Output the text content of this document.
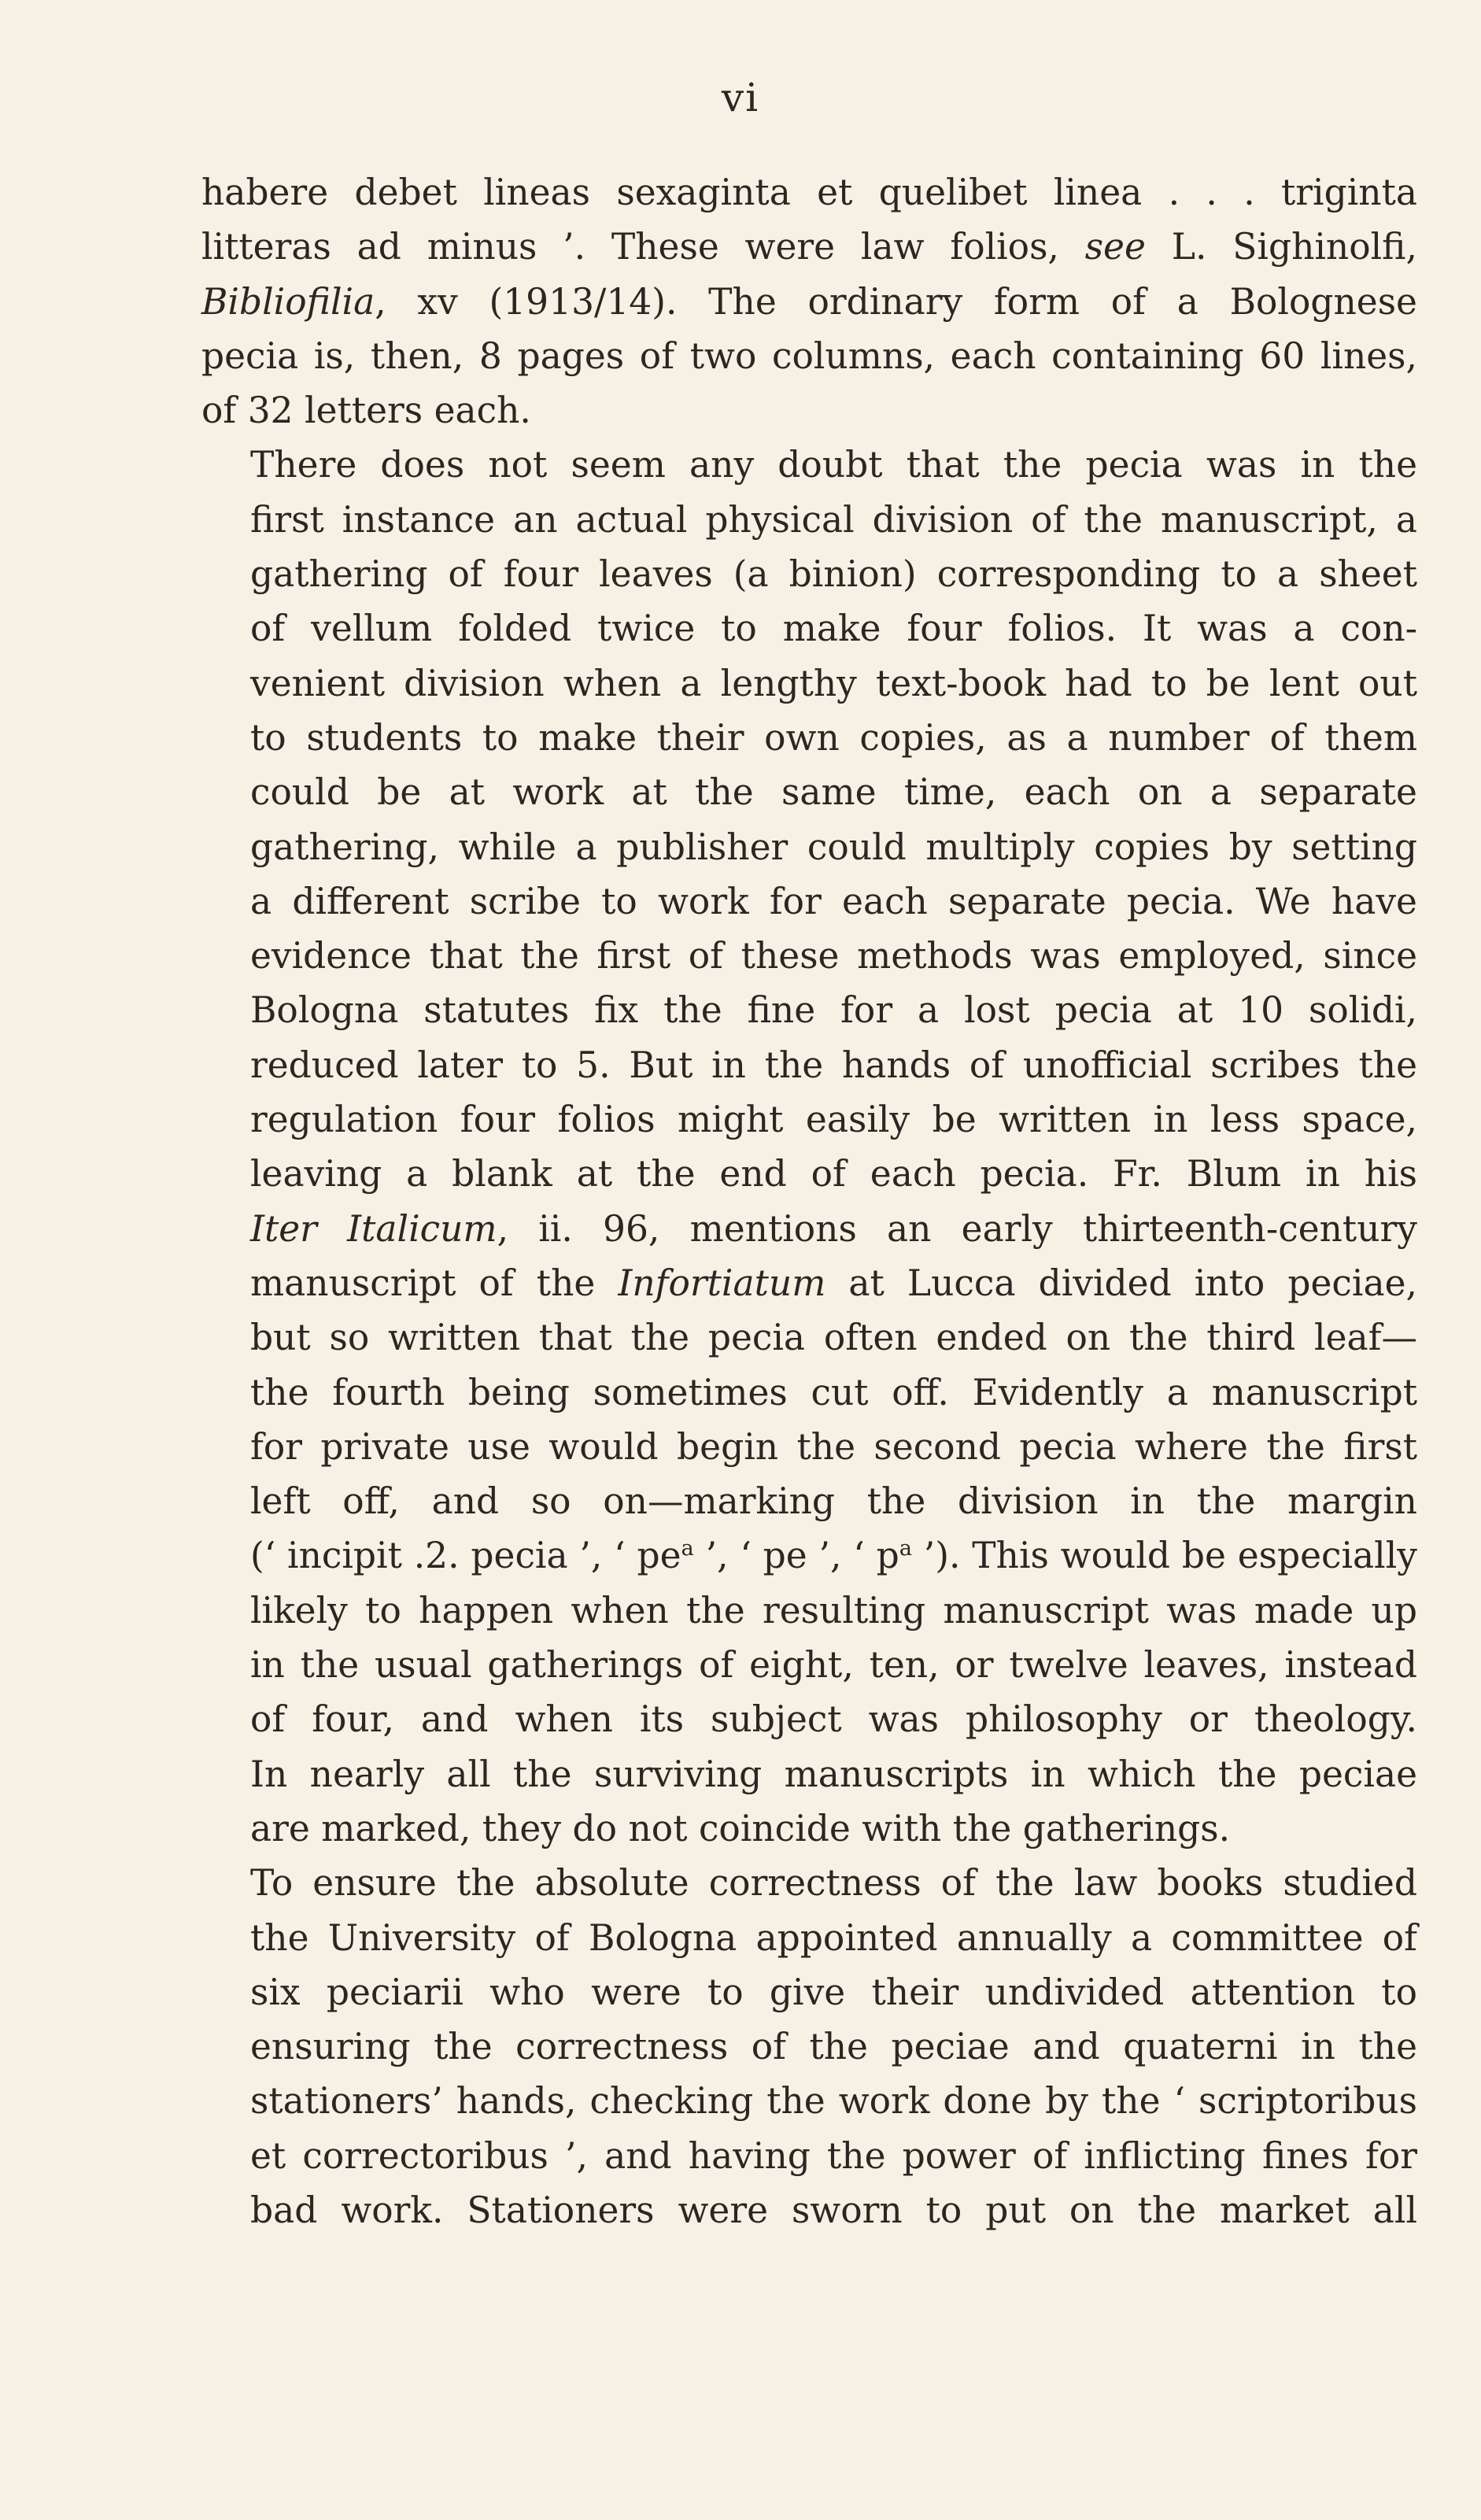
vi

habere debet lineas sexaginta et quelibet linea . . . triginta
litteras ad minus ’. These were law folios, see L. Sighinolfi,
Bibliofilia, xv (1913/14). The ordinary form of a Bolognese
pecia is, then, 8 pages of two columns, each containing 60 lines,
of 32 letters each.

There does not seem any doubt that the pecia was in the
first instance an actual physical division of the manuscript, a
gathering of four leaves (a binion) corresponding to a sheet
of vellum folded twice to make four folios. It was a con-
venient division when a lengthy text-book had to be lent out
to students to make their own copies, as a number of them
could be at work at the same time, each on a separate
gathering, while a publisher could multiply copies by setting
a different scribe to work for each separate pecia. We have
evidence that the first of these methods was employed, since
Bologna statutes fix the fine for a lost pecia at 10 solidi,
reduced later to 5. But in the hands of unofficial scribes the
regulation four folios might easily be written in less space,
leaving a blank at the end of each pecia. Fr. Blum in his
Iter Italicum, ii. 96, mentions an early thirteenth-century
manuscript of the Infortiatum at Lucca divided into peciae,
but so written that the pecia often ended on the third leaf—
the fourth being sometimes cut off. Evidently a manuscript
for private use would begin the second pecia where the first
left off, and so on—marking the division in the margin
(‘ incipit .2. pecia ’, ‘ $pe^a$ ’, ‘ pe ’, ‘ $p^a$ ’). This would be especially
likely to happen when the resulting manuscript was made up
in the usual gatherings of eight, ten, or twelve leaves, instead
of four, and when its subject was philosophy or theology.
In nearly all the surviving manuscripts in which the peciae
are marked, they do not coincide with the gatherings.

To ensure the absolute correctness of the law books studied
the University of Bologna appointed annually a committee of
six peciarii who were to give their undivided attention to
ensuring the correctness of the peciae and quaterni in the
stationers’ hands, checking the work done by the ‘ scriptoribus
et correctoribus ’, and having the power of inflicting fines for
bad work. Stationers were sworn to put on the market all
